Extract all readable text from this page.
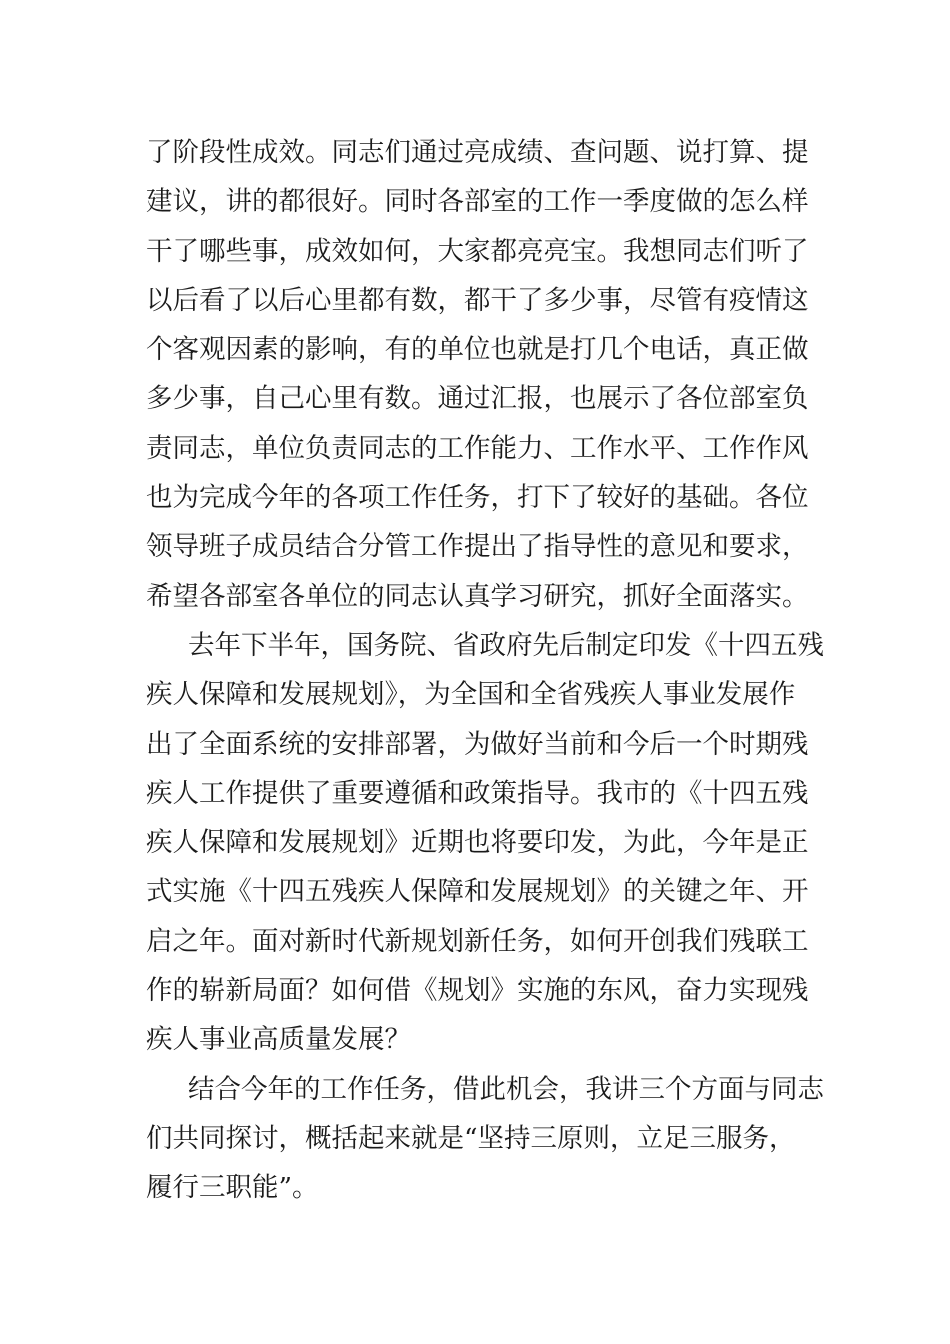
了阶段性成效。同志们通过亮成绩、查问题、说打算、提
建议，讲的都很好。同时各部室的工作一季度做的怎么样
干了哪些事，成效如何，大家都亮亮宝。我想同志们听了
以后看了以后心里都有数，都干了多少事，尽管有疫情这
个客观因素的影响，有的单位也就是打几个电话，真正做
多少事，自己心里有数。通过汇报，也展示了各位部室负
责同志，单位负责同志的工作能力、工作水平、工作作风
也为完成今年的各项工作任务，打下了较好的基础。各位
领导班子成员结合分管工作提出了指导性的意见和要求，
希望各部室各单位的同志认真学习研究，抓好全面落实。
去年下半年，国务院、省政府先后制定印发《十四五残
疾人保障和发展规划》，为全国和全省残疾人事业发展作
出了全面系统的安排部署，为做好当前和今后一个时期残
疾人工作提供了重要遵循和政策指导。我市的《十四五残
疾人保障和发展规划》近期也将要印发，为此，今年是正
式实施《十四五残疾人保障和发展规划》的关键之年、开
启之年。面对新时代新规划新任务，如何开创我们残联工
作的崭新局面？如何借《规划》实施的东风，奋力实现残
疾人事业高质量发展？
结合今年的工作任务，借此机会，我讲三个方面与同志
们共同探讨，概括起来就是“坚持三原则，立足三服务，
履行三职能”。
